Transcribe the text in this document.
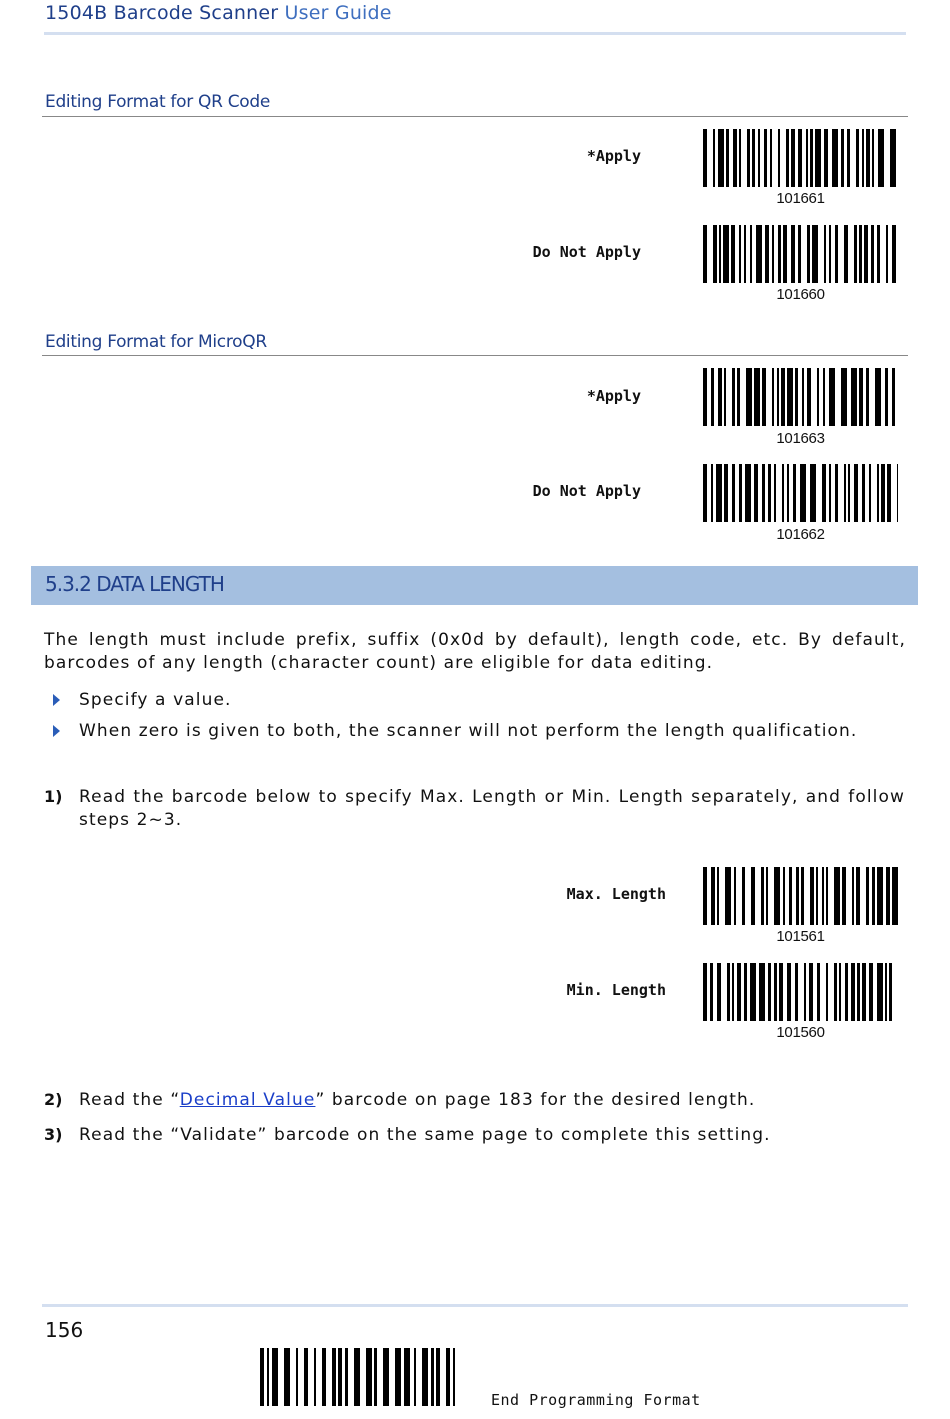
1504B Barcode Scanner User Guide
Editing Format for QR Code
*Apply
101661
Do Not Apply
101660
Editing Format for MicroQR
*Apply
101663
Do Not Apply
101662
5.3.2 DATA LENGTH
The length must include prefix, suffix (0x0d by default), length code, etc. By default, barcodes of any length (character count) are eligible for data editing.
Specify a value.
When zero is given to both, the scanner will not perform the length qualification.
1) Read the barcode below to specify Max. Length or Min. Length separately, and follow steps 2~3.
Max. Length
101561
Min. Length
101560
2) Read the “Decimal Value” barcode on page 183 for the desired length.
3) Read the “Validate” barcode on the same page to complete this setting.
156
End Programming Format
